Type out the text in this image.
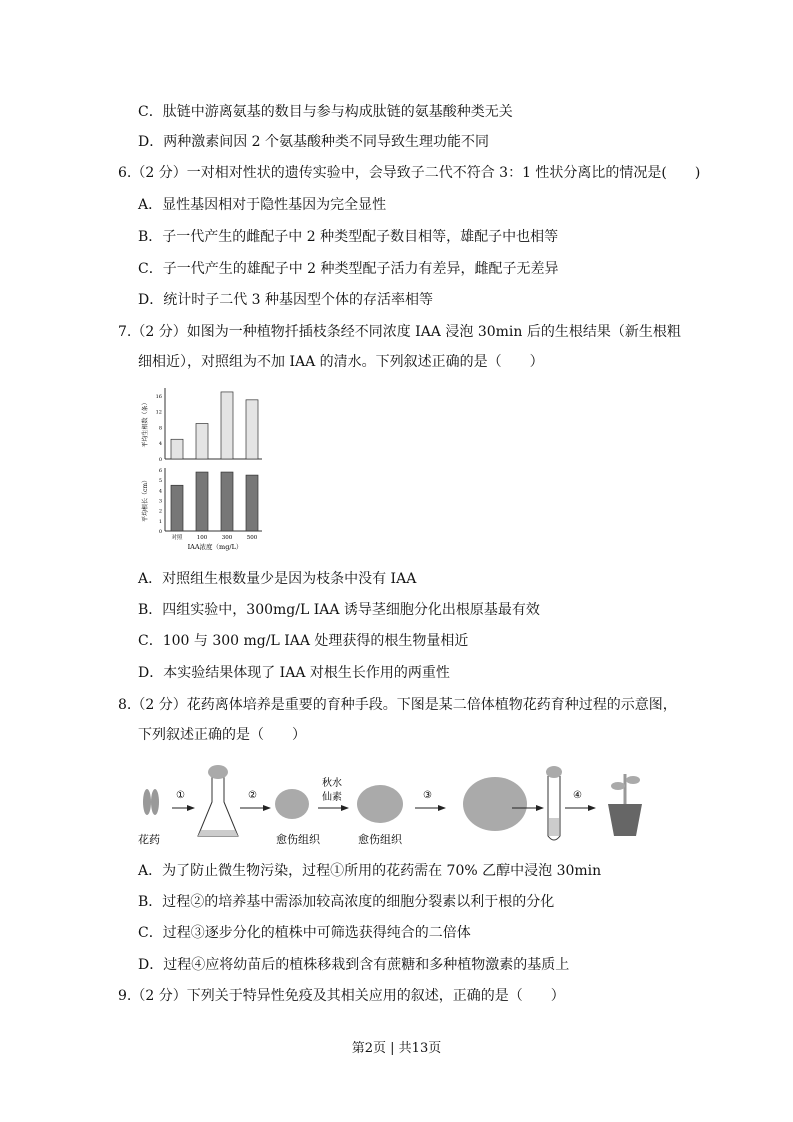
C．肽链中游离氨基的数目与参与构成肽链的氨基酸种类无关
D．两种激素间因 2 个氨基酸种类不同导致生理功能不同
6.（2 分）一对相对性状的遗传实验中，会导致子二代不符合 3：1 性状分离比的情况是(　　)
A．显性基因相对于隐性基因为完全显性
B．子一代产生的雌配子中 2 种类型配子数目相等，雄配子中也相等
C．子一代产生的雄配子中 2 种类型配子活力有差异，雌配子无差异
D．统计时子二代 3 种基因型个体的存活率相等
7.（2 分）如图为一种植物扦插枝条经不同浓度 IAA 浸泡 30min 后的生根结果（新生根粗
细相近），对照组为不加 IAA 的清水。下列叙述正确的是（　　）
A．对照组生根数量少是因为枝条中没有 IAA
B．四组实验中，300mg/L IAA 诱导茎细胞分化出根原基最有效
C．100 与 300 mg/L IAA 处理获得的根生物量相近
D．本实验结果体现了 IAA 对根生长作用的两重性
8.（2 分）花药离体培养是重要的育种手段。下图是某二倍体植物花药育种过程的示意图，
下列叙述正确的是（　　）
A．为了防止微生物污染，过程①所用的花药需在 70% 乙醇中浸泡 30min
B．过程②的培养基中需添加较高浓度的细胞分裂素以利于根的分化
C．过程③逐步分化的植株中可筛选获得纯合的二倍体
D．过程④应将幼苗后的植株移栽到含有蔗糖和多种植物激素的基质上
9.（2 分）下列关于特异性免疫及其相关应用的叙述，正确的是（　　）
0
4
8
12
16
平均生根数（条）
0
1
2
3
4
5
6
平均根长（cm）
对照	100	300	500
IAA浓度（mg/L）
花药
①	②
愈伤组织
秋水
仙素
愈伤组织
③	④
第2页 | 共13页
